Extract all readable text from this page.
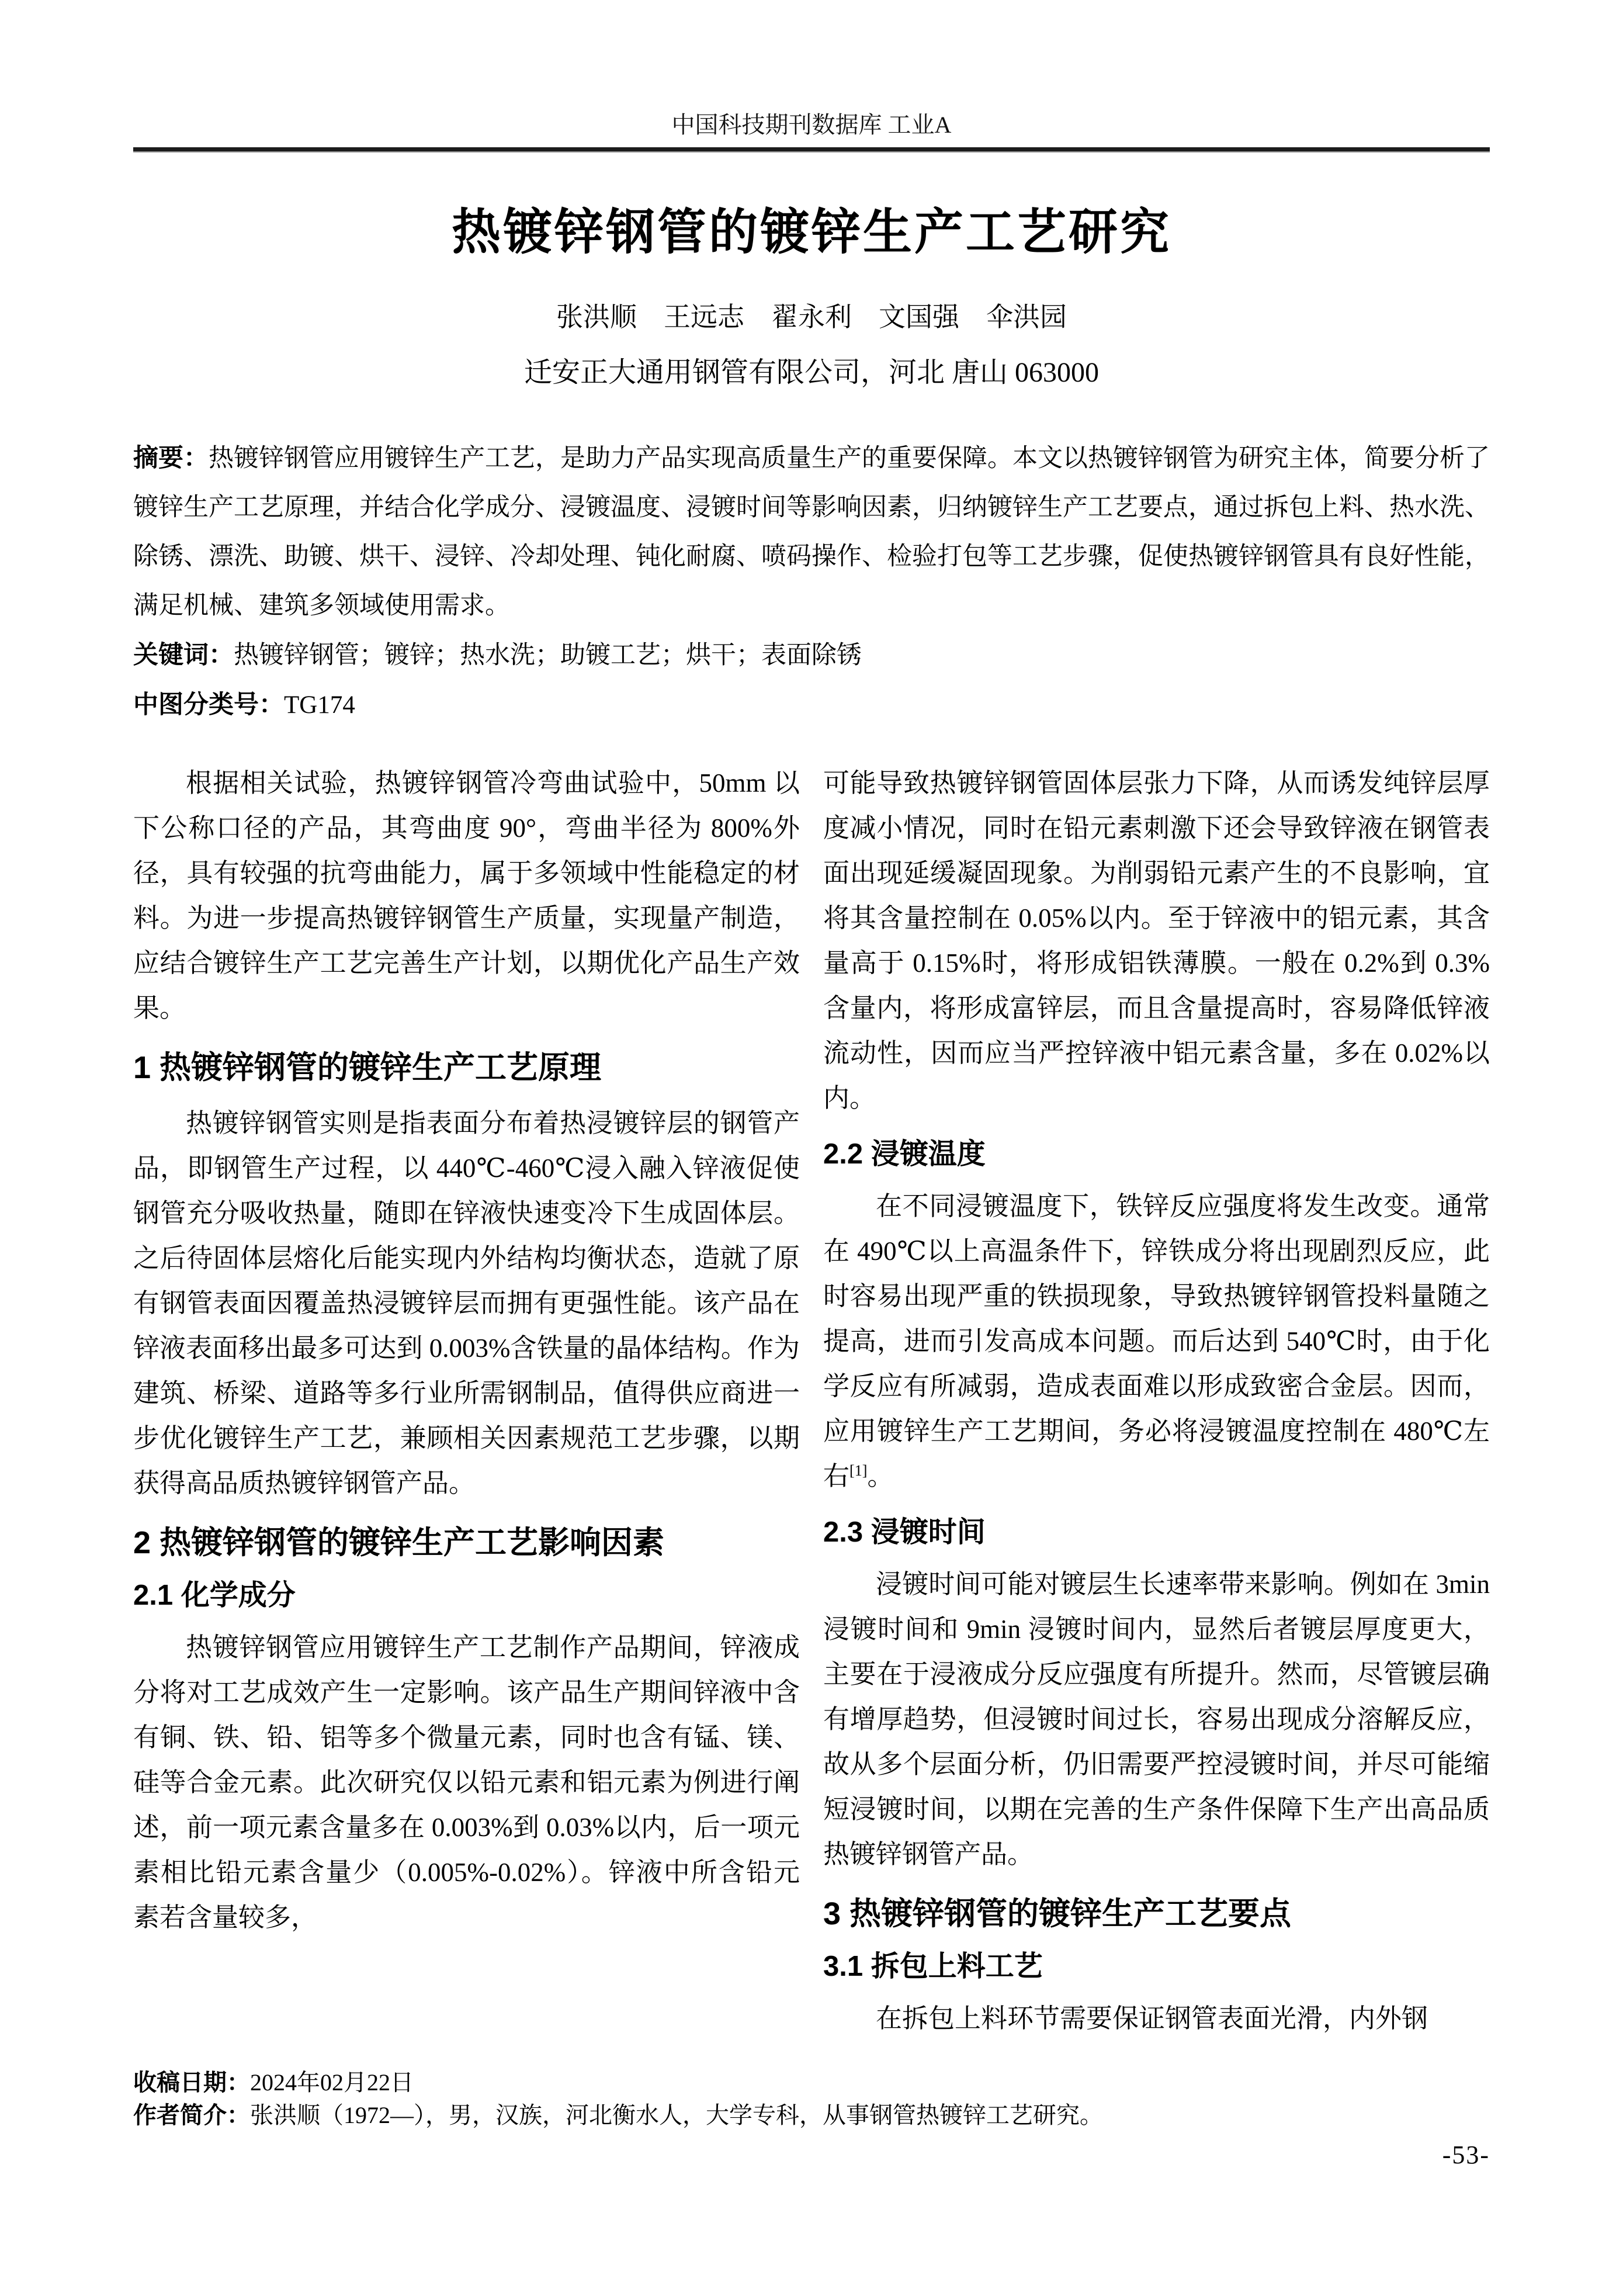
中国科技期刊数据库 工业A
热镀锌钢管的镀锌生产工艺研究
张洪顺　王远志　翟永利　文国强　伞洪园
迁安正大通用钢管有限公司，河北 唐山 063000

摘要：热镀锌钢管应用镀锌生产工艺，是助力产品实现高质量生产的重要保障。本文以热镀锌钢管为研究主体，简要分析了镀锌生产工艺原理，并结合化学成分、浸镀温度、浸镀时间等影响因素，归纳镀锌生产工艺要点，通过拆包上料、热水洗、除锈、漂洗、助镀、烘干、浸锌、冷却处理、钝化耐腐、喷码操作、检验打包等工艺步骤，促使热镀锌钢管具有良好性能，满足机械、建筑多领域使用需求。

关键词：热镀锌钢管；镀锌；热水洗；助镀工艺；烘干；表面除锈

中图分类号：TG174

根据相关试验，热镀锌钢管冷弯曲试验中，50mm 以下公称口径的产品，其弯曲度 90°，弯曲半径为 800%外径，具有较强的抗弯曲能力，属于多领域中性能稳定的材料。为进一步提高热镀锌钢管生产质量，实现量产制造，应结合镀锌生产工艺完善生产计划，以期优化产品生产效果。

1 热镀锌钢管的镀锌生产工艺原理

热镀锌钢管实则是指表面分布着热浸镀锌层的钢管产品，即钢管生产过程，以 440℃-460℃浸入融入锌液促使钢管充分吸收热量，随即在锌液快速变冷下生成固体层。之后待固体层熔化后能实现内外结构均衡状态，造就了原有钢管表面因覆盖热浸镀锌层而拥有更强性能。该产品在锌液表面移出最多可达到 0.003%含铁量的晶体结构。作为建筑、桥梁、道路等多行业所需钢制品，值得供应商进一步优化镀锌生产工艺，兼顾相关因素规范工艺步骤，以期获得高品质热镀锌钢管产品。

2 热镀锌钢管的镀锌生产工艺影响因素
2.1 化学成分

热镀锌钢管应用镀锌生产工艺制作产品期间，锌液成分将对工艺成效产生一定影响。该产品生产期间锌液中含有铜、铁、铅、铝等多个微量元素，同时也含有锰、镁、硅等合金元素。此次研究仅以铅元素和铝元素为例进行阐述，前一项元素含量多在 0.003%到 0.03%以内，后一项元素相比铅元素含量少（0.005%-0.02%）。锌液中所含铅元素若含量较多，

可能导致热镀锌钢管固体层张力下降，从而诱发纯锌层厚度减小情况，同时在铅元素刺激下还会导致锌液在钢管表面出现延缓凝固现象。为削弱铅元素产生的不良影响，宜将其含量控制在 0.05%以内。至于锌液中的铝元素，其含量高于 0.15%时，将形成铝铁薄膜。一般在 0.2%到 0.3%含量内，将形成富锌层，而且含量提高时，容易降低锌液流动性，因而应当严控锌液中铝元素含量，多在 0.02%以内。

2.2 浸镀温度

在不同浸镀温度下，铁锌反应强度将发生改变。通常在 490℃以上高温条件下，锌铁成分将出现剧烈反应，此时容易出现严重的铁损现象，导致热镀锌钢管投料量随之提高，进而引发高成本问题。而后达到 540℃时，由于化学反应有所减弱，造成表面难以形成致密合金层。因而，应用镀锌生产工艺期间，务必将浸镀温度控制在 480℃左右[1]。

2.3 浸镀时间

浸镀时间可能对镀层生长速率带来影响。例如在 3min 浸镀时间和 9min 浸镀时间内，显然后者镀层厚度更大，主要在于浸液成分反应强度有所提升。然而，尽管镀层确有增厚趋势，但浸镀时间过长，容易出现成分溶解反应，故从多个层面分析，仍旧需要严控浸镀时间，并尽可能缩短浸镀时间，以期在完善的生产条件保障下生产出高品质热镀锌钢管产品。

3 热镀锌钢管的镀锌生产工艺要点
3.1 拆包上料工艺

在拆包上料环节需要保证钢管表面光滑，内外钢

收稿日期：2024年02月22日

作者简介：张洪顺（1972—），男，汉族，河北衡水人，大学专科，从事钢管热镀锌工艺研究。

-53-
